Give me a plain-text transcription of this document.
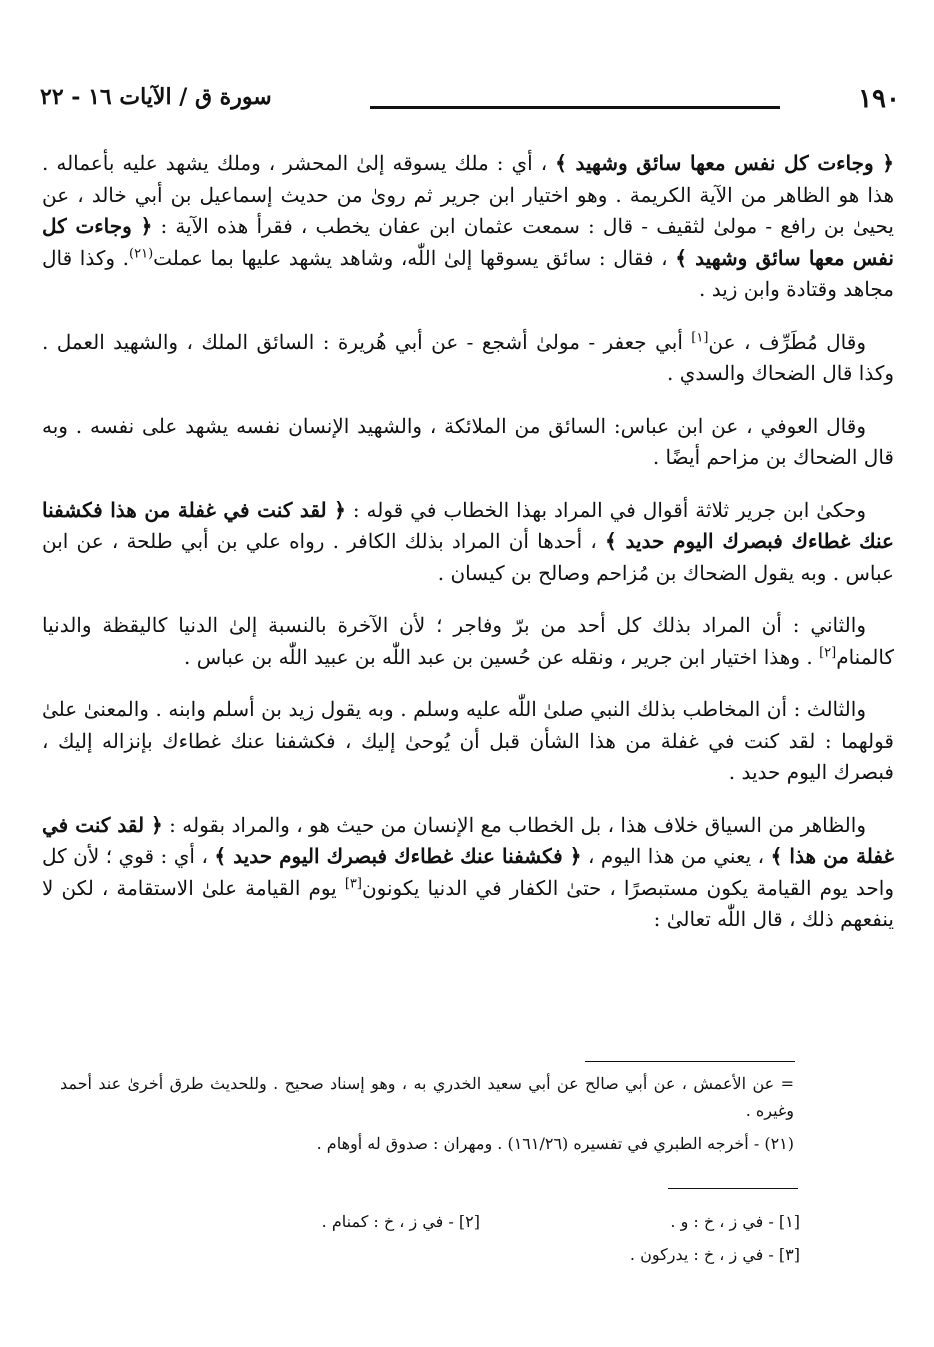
١٩٠
سورة ق / الآيات ١٦ - ٢٢

﴿ وجاءت كل نفس معها سائق وشهيد ﴾ ، أي : ملك يسوقه إلىٰ المحشر ، وملك يشهد عليه بأعماله . هذا هو الظاهر من الآية الكريمة . وهو اختيار ابن جرير ثم روىٰ من حديث إسماعيل بن أبي خالد ، عن يحيىٰ بن رافع - مولىٰ لثقيف - قال : سمعت عثمان ابن عفان يخطب ، فقرأ هذه الآية : ﴿ وجاءت كل نفس معها سائق وشهيد ﴾ ، فقال : سائق يسوقها إلىٰ اللّٰه، وشاهد يشهد عليها بما عملت$^{(٢١)}$. وكذا قال مجاهد وقتادة وابن زيد .

وقال مُطَرِّف ، عن[١] أبي جعفر - مولىٰ أشجع - عن أبي هُريرة : السائق الملك ، والشهيد العمل . وكذا قال الضحاك والسدي .

وقال العوفي ، عن ابن عباس: السائق من الملائكة ، والشهيد الإنسان نفسه يشهد على نفسه . وبه قال الضحاك بن مزاحم أيضًا .

وحكىٰ ابن جرير ثلاثة أقوال في المراد بهذا الخطاب في قوله : ﴿ لقد كنت في غفلة من هذا فكشفنا عنك غطاءك فبصرك اليوم حديد ﴾ ، أحدها أن المراد بذلك الكافر . رواه علي بن أبي طلحة ، عن ابن عباس . وبه يقول الضحاك بن مُزاحم وصالح بن كيسان .

والثاني : أن المراد بذلك كل أحد من برّ وفاجر ؛ لأن الآخرة بالنسبة إلىٰ الدنيا كاليقظة والدنيا كالمنام[٢] . وهذا اختيار ابن جرير ، ونقله عن حُسين بن عبد اللّٰه بن عبيد اللّٰه بن عباس .

والثالث : أن المخاطب بذلك النبي صلىٰ اللّٰه عليه وسلم . وبه يقول زيد بن أسلم وابنه . والمعنىٰ علىٰ قولهما : لقد كنت في غفلة من هذا الشأن قبل أن يُوحىٰ إليك ، فكشفنا عنك غطاءك بإنزاله إليك ، فبصرك اليوم حديد .

والظاهر من السياق خلاف هذا ، بل الخطاب مع الإنسان من حيث هو ، والمراد بقوله : ﴿ لقد كنت في غفلة من هذا ﴾ ، يعني من هذا اليوم ، ﴿ فكشفنا عنك غطاءك فبصرك اليوم حديد ﴾ ، أي : قوي ؛ لأن كل واحد يوم القيامة يكون مستبصرًا ، حتىٰ الكفار في الدنيا يكونون[٣] يوم القيامة علىٰ الاستقامة ، لكن لا ينفعهم ذلك ، قال اللّٰه تعالىٰ :

= عن الأعمش ، عن أبي صالح عن أبي سعيد الخدري به ، وهو إسناد صحيح . وللحديث طرق أخرىٰ عند أحمد وغيره .

(٢١) - أخرجه الطبري في تفسيره (١٦١/٢٦) . ومهران : صدوق له أوهام .

[١] - في ز ، خ : و .
[٢] - في ز ، خ : كمنام .
[٣] - في ز ، خ : يدركون .
